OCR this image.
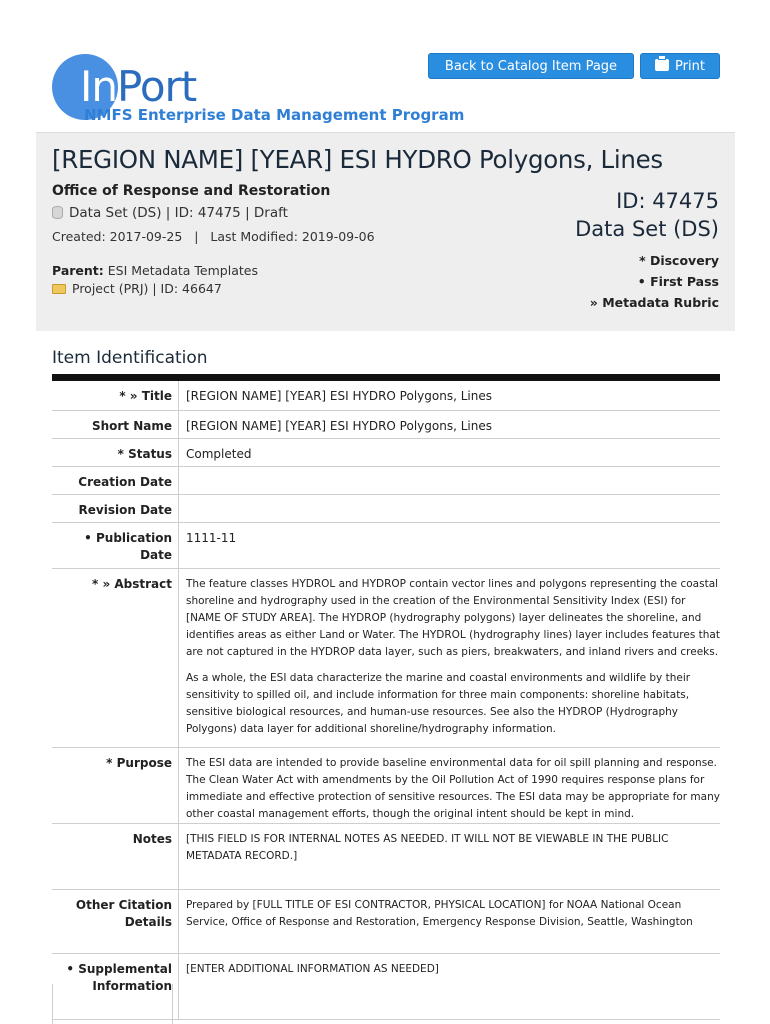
InPort
NMFS Enterprise Data Management Program
Back to Catalog Item Page	Print
[REGION NAME] [YEAR] ESI HYDRO Polygons, Lines
Office of Response and Restoration
Data Set (DS) | ID: 47475 | Draft
Created: 2017-09-25   |   Last Modified: 2019-09-06
Parent: ESI Metadata Templates
Project (PRJ) | ID: 46647
ID: 47475
Data Set (DS)
* Discovery
• First Pass
» Metadata Rubric
Item Identification
* » Title	[REGION NAME] [YEAR] ESI HYDRO Polygons, Lines
Short Name	[REGION NAME] [YEAR] ESI HYDRO Polygons, Lines
* Status	Completed
Creation Date	
Revision Date	
• Publication Date	1111-11
* » Abstract	The feature classes HYDROL and HYDROP contain vector lines and polygons representing the coastal shoreline and hydrography used in the creation of the Environmental Sensitivity Index (ESI) for [NAME OF STUDY AREA]. The HYDROP (hydrography polygons) layer delineates the shoreline, and identifies areas as either Land or Water. The HYDROL (hydrography lines) layer includes features that are not captured in the HYDROP data layer, such as piers, breakwaters, and inland rivers and creeks.

As a whole, the ESI data characterize the marine and coastal environments and wildlife by their sensitivity to spilled oil, and include information for three main components: shoreline habitats, sensitive biological resources, and human-use resources. See also the HYDROP (Hydrography Polygons) data layer for additional shoreline/hydrography information.

* Purpose	The ESI data are intended to provide baseline environmental data for oil spill planning and response. The Clean Water Act with amendments by the Oil Pollution Act of 1990 requires response plans for immediate and effective protection of sensitive resources. The ESI data may be appropriate for many other coastal management efforts, though the original intent should be kept in mind.
Notes	[THIS FIELD IS FOR INTERNAL NOTES AS NEEDED. IT WILL NOT BE VIEWABLE IN THE PUBLIC METADATA RECORD.]
Other Citation Details	Prepared by [FULL TITLE OF ESI CONTRACTOR, PHYSICAL LOCATION] for NOAA National Ocean Service, Office of Response and Restoration, Emergency Response Division, Seattle, Washington
• Supplemental Information	[ENTER ADDITIONAL INFORMATION AS NEEDED]
